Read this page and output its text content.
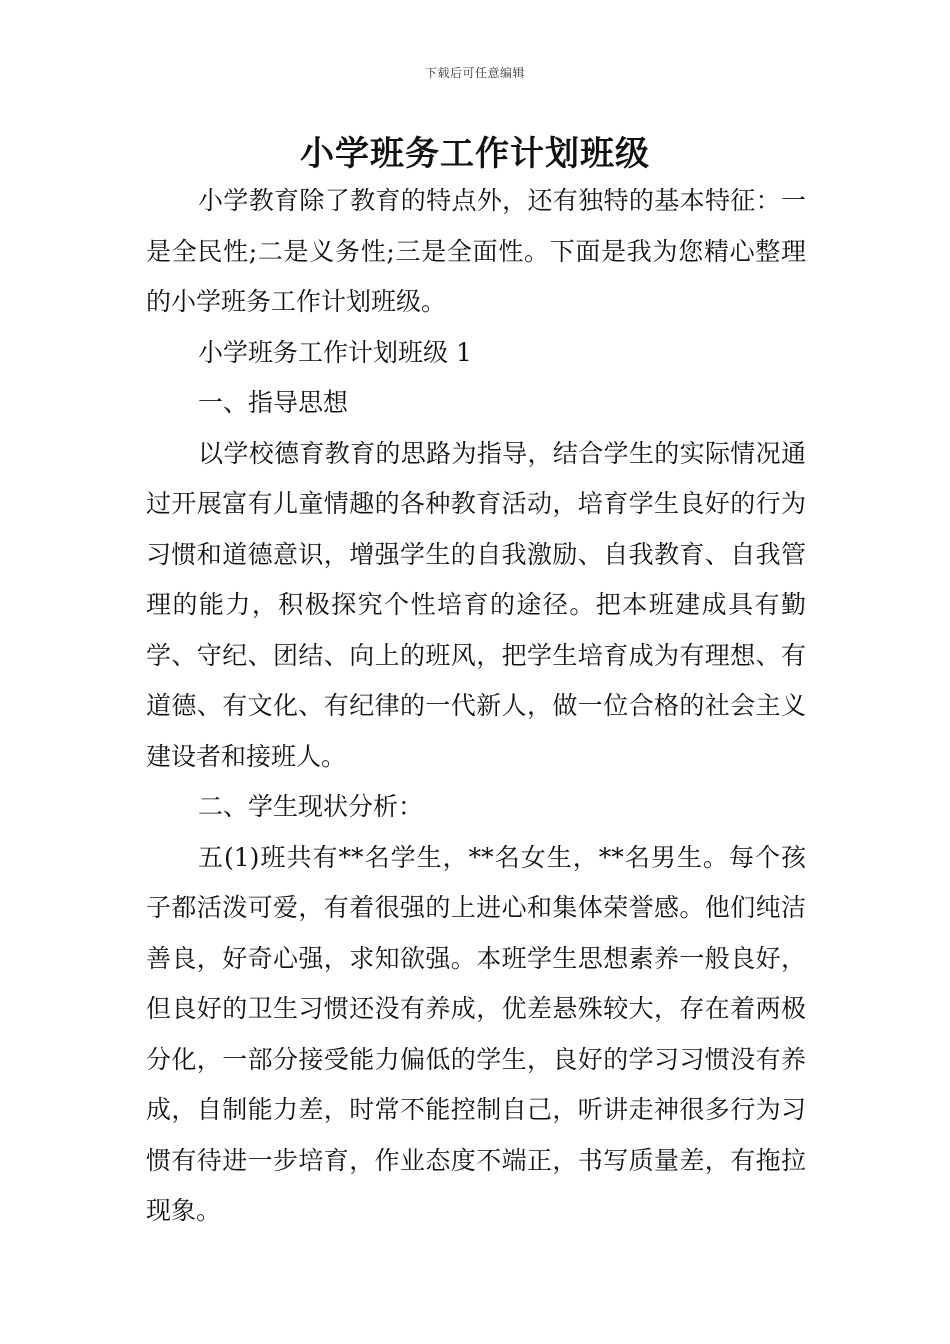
下载后可任意编辑
小学班务工作计划班级

小学教育除了教育的特点外，还有独特的基本特征：一是全民性;二是义务性;三是全面性。下面是我为您精心整理的小学班务工作计划班级。

小学班务工作计划班级 1

一、指导思想

以学校德育教育的思路为指导，结合学生的实际情况通过开展富有儿童情趣的各种教育活动，培育学生良好的行为习惯和道德意识，增强学生的自我激励、自我教育、自我管理的能力，积极探究个性培育的途径。把本班建成具有勤学、守纪、团结、向上的班风，把学生培育成为有理想、有道德、有文化、有纪律的一代新人，做一位合格的社会主义建设者和接班人。

二、学生现状分析：

五(1)班共有**名学生，**名女生，**名男生。每个孩子都活泼可爱，有着很强的上进心和集体荣誉感。他们纯洁善良，好奇心强，求知欲强。本班学生思想素养一般良好，但良好的卫生习惯还没有养成，优差悬殊较大，存在着两极分化，一部分接受能力偏低的学生，良好的学习习惯没有养成，自制能力差，时常不能控制自己，听讲走神很多行为习惯有待进一步培育，作业态度不端正，书写质量差，有拖拉现象。
